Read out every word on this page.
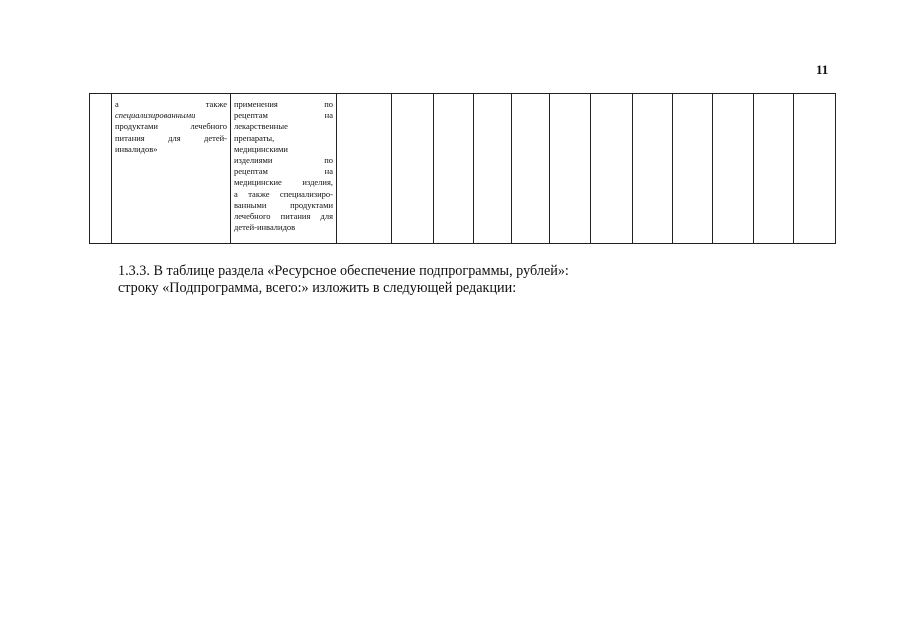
11

а также
специализированными
продуктами лечебного
питания для детей-
инвалидов»

применения по
рецептам на
лекарственные
препараты,
медицинскими
изделиями по
рецептам на
медицинские изделия,
а также специализиро-
ванными продуктами
лечебного питания для
детей-инвалидов

1.3.3. В таблице раздела «Ресурсное обеспечение подпрограммы, рублей»:
строку «Подпрограмма, всего:» изложить в следующей редакции:
